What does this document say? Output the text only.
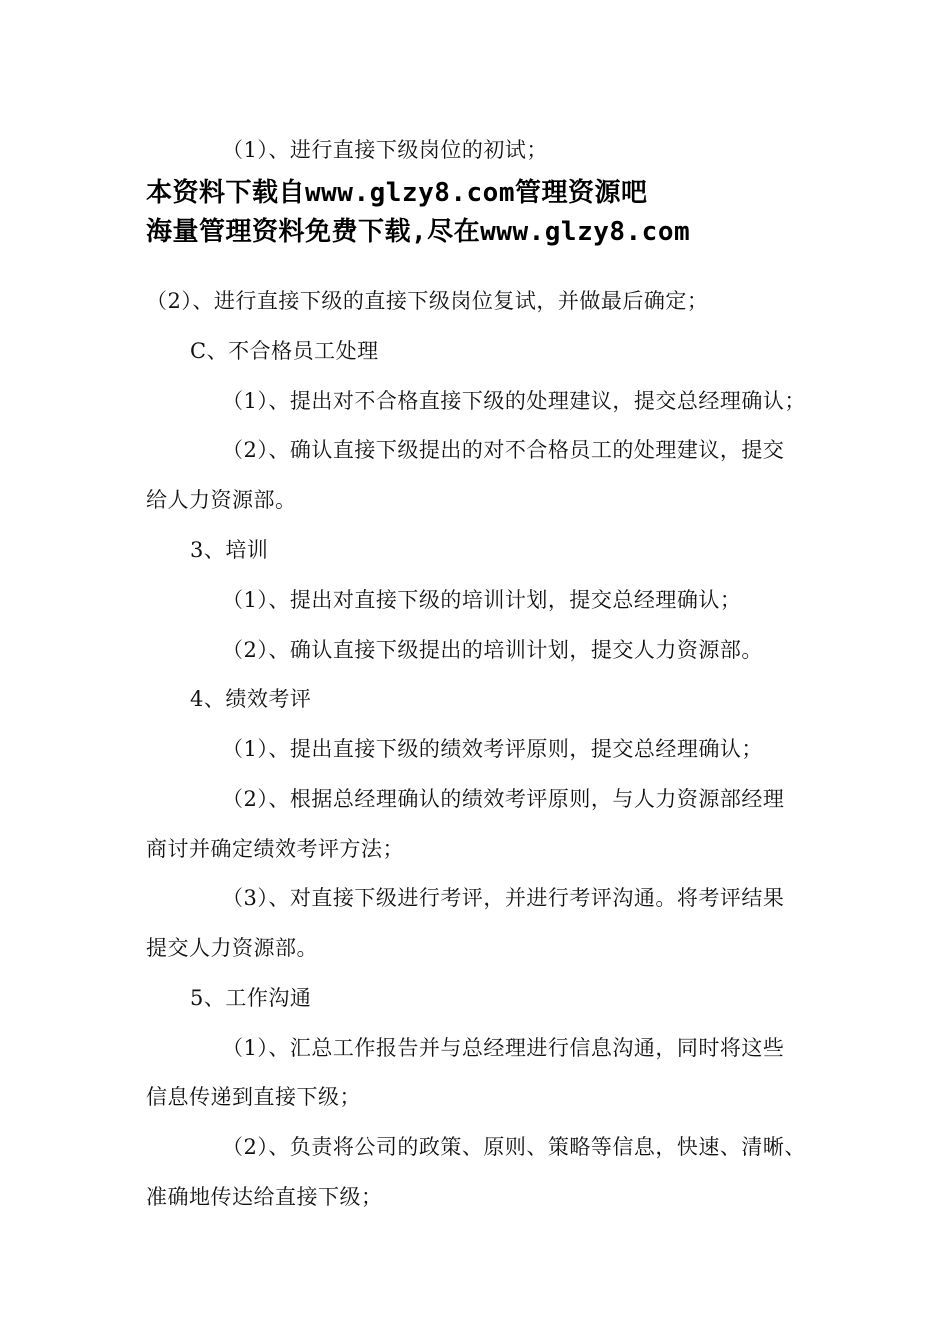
（1）、进行直接下级岗位的初试；
本资料下载自www.glzy8.com管理资源吧
海量管理资料免费下载,尽在www.glzy8.com
（2）、进行直接下级的直接下级岗位复试，并做最后确定；
C、不合格员工处理
（1）、提出对不合格直接下级的处理建议，提交总经理确认；
（2）、确认直接下级提出的对不合格员工的处理建议，提交
给人力资源部。
3、培训
（1）、提出对直接下级的培训计划，提交总经理确认；
（2）、确认直接下级提出的培训计划，提交人力资源部。
4、绩效考评
（1）、提出直接下级的绩效考评原则，提交总经理确认；
（2）、根据总经理确认的绩效考评原则，与人力资源部经理
商讨并确定绩效考评方法；
（3）、对直接下级进行考评，并进行考评沟通。将考评结果
提交人力资源部。
5、工作沟通
（1）、汇总工作报告并与总经理进行信息沟通，同时将这些
信息传递到直接下级；
（2）、负责将公司的政策、原则、策略等信息，快速、清晰、
准确地传达给直接下级；
